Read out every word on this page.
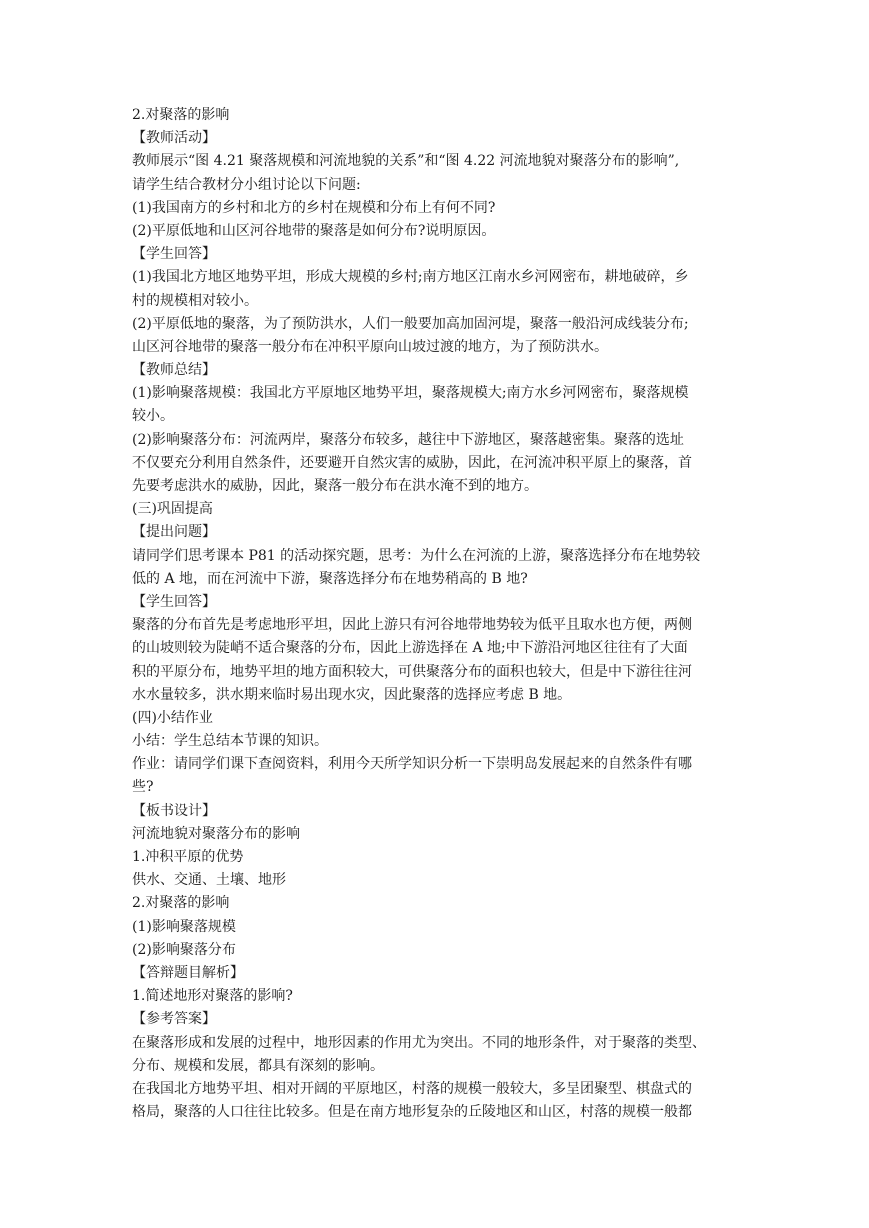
2.对聚落的影响
【教师活动】
教师展示“图 4.21 聚落规模和河流地貌的关系”和“图 4.22 河流地貌对聚落分布的影响”,
请学生结合教材分小组讨论以下问题:
(1)我国南方的乡村和北方的乡村在规模和分布上有何不同?
(2)平原低地和山区河谷地带的聚落是如何分布?说明原因。
【学生回答】
(1)我国北方地区地势平坦，形成大规模的乡村;南方地区江南水乡河网密布，耕地破碎，乡
村的规模相对较小。
(2)平原低地的聚落，为了预防洪水，人们一般要加高加固河堤，聚落一般沿河成线装分布;
山区河谷地带的聚落一般分布在冲积平原向山坡过渡的地方，为了预防洪水。
【教师总结】
(1)影响聚落规模：我国北方平原地区地势平坦，聚落规模大;南方水乡河网密布，聚落规模
较小。
(2)影响聚落分布：河流两岸，聚落分布较多，越往中下游地区，聚落越密集。聚落的选址
不仅要充分利用自然条件，还要避开自然灾害的威胁，因此，在河流冲积平原上的聚落，首
先要考虑洪水的威胁，因此，聚落一般分布在洪水淹不到的地方。
(三)巩固提高
【提出问题】
请同学们思考课本 P81 的活动探究题，思考：为什么在河流的上游，聚落选择分布在地势较
低的 A 地，而在河流中下游，聚落选择分布在地势稍高的 B 地?
【学生回答】
聚落的分布首先是考虑地形平坦，因此上游只有河谷地带地势较为低平且取水也方便，两侧
的山坡则较为陡峭不适合聚落的分布，因此上游选择在 A 地;中下游沿河地区往往有了大面
积的平原分布，地势平坦的地方面积较大，可供聚落分布的面积也较大，但是中下游往往河
水水量较多，洪水期来临时易出现水灾，因此聚落的选择应考虑 B 地。
(四)小结作业
小结：学生总结本节课的知识。
作业：请同学们课下查阅资料，利用今天所学知识分析一下崇明岛发展起来的自然条件有哪
些?
【板书设计】
河流地貌对聚落分布的影响
1.冲积平原的优势
供水、交通、土壤、地形
2.对聚落的影响
(1)影响聚落规模
(2)影响聚落分布
【答辩题目解析】
1.简述地形对聚落的影响?
【参考答案】
在聚落形成和发展的过程中，地形因素的作用尤为突出。不同的地形条件，对于聚落的类型、
分布、规模和发展，都具有深刻的影响。
在我国北方地势平坦、相对开阔的平原地区，村落的规模一般较大，多呈团聚型、棋盘式的
格局，聚落的人口往往比较多。但是在南方地形复杂的丘陵地区和山区，村落的规模一般都
